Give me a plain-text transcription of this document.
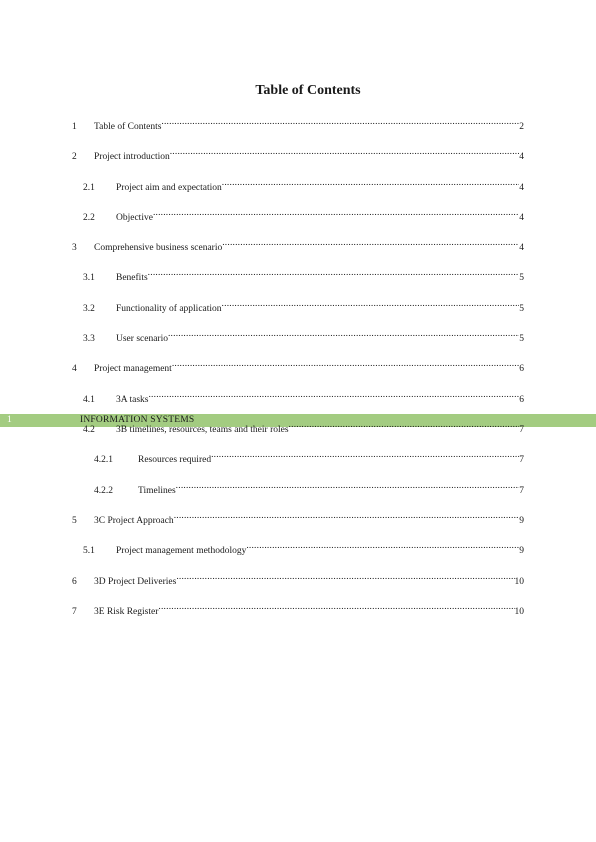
Table of Contents
1	Table of Contents .....	2
2	Project introduction .....	4
2.1	Project aim and expectation .....	4
2.2	Objective .....	4
3	Comprehensive business scenario .....	4
3.1	Benefits .....	5
3.2	Functionality of application .....	5
3.3	User scenario .....	5
4	Project management .....	6
4.1	3A tasks .....	6
4.2	3B timelines, resources, teams and their roles .....	7
1	INFORMATION SYSTEMS
4.2.1	Resources required .....	7
4.2.2	Timelines .....	7
5	3C Project Approach .....	9
5.1	Project management methodology .....	9
6	3D Project Deliveries .....	10
7	3E Risk Register .....	10
